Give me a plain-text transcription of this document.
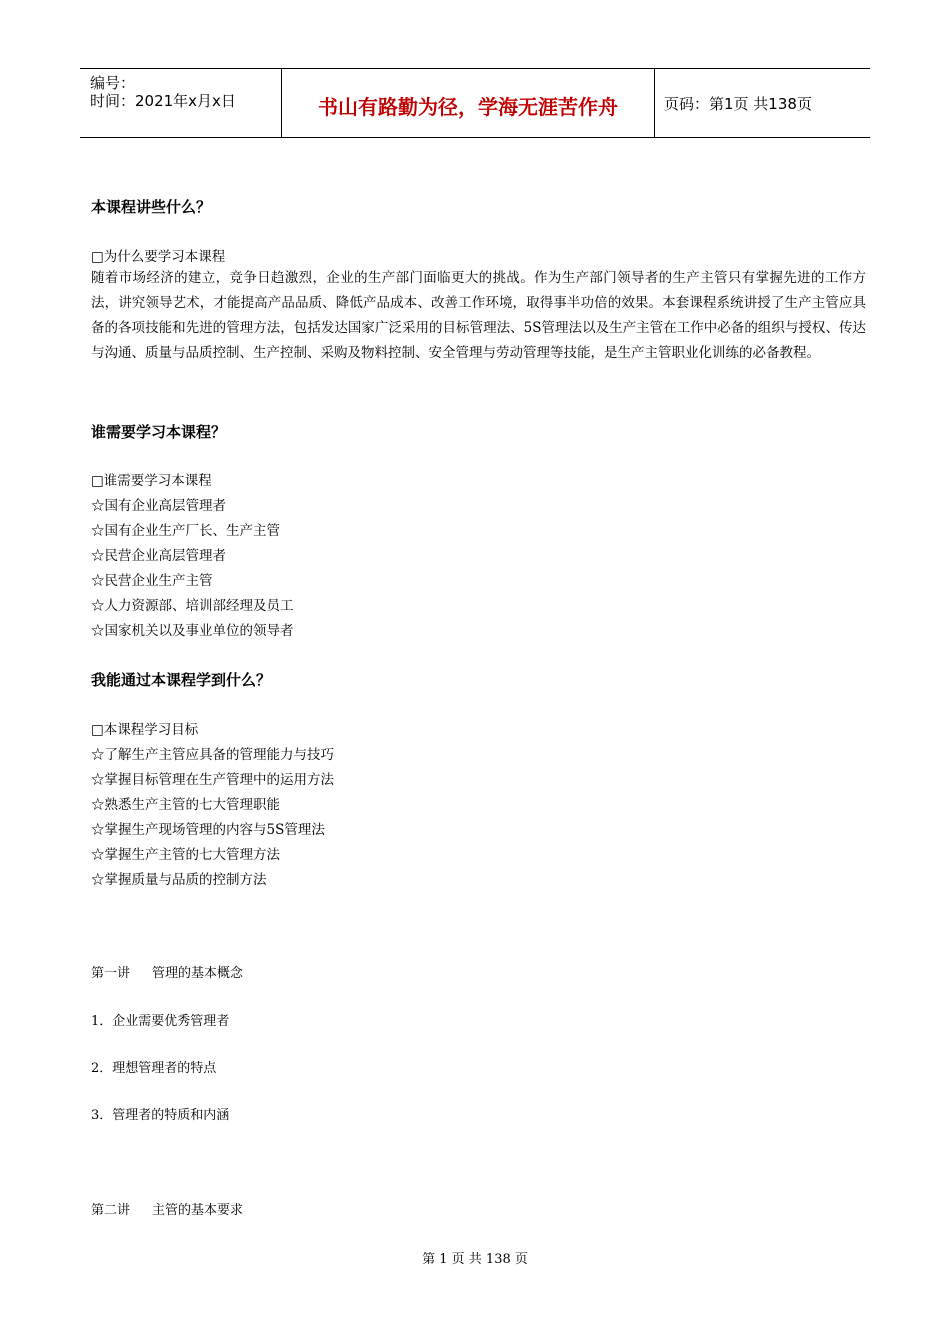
编号：
时间：2021年x月x日	书山有路勤为径，学海无涯苦作舟	页码：第1页 共138页
本课程讲些什么？
□为什么要学习本课程
随着市场经济的建立，竞争日趋激烈，企业的生产部门面临更大的挑战。作为生产部门领导者的生产主管只有掌握先进的工作方法，讲究领导艺术，才能提高产品品质、降低产品成本、改善工作环境，取得事半功倍的效果。本套课程系统讲授了生产主管应具备的各项技能和先进的管理方法，包括发达国家广泛采用的目标管理法、5S管理法以及生产主管在工作中必备的组织与授权、传达与沟通、质量与品质控制、生产控制、采购及物料控制、安全管理与劳动管理等技能，是生产主管职业化训练的必备教程。
谁需要学习本课程？
□谁需要学习本课程
☆国有企业高层管理者
☆国有企业生产厂长、生产主管
☆民营企业高层管理者
☆民营企业生产主管
☆人力资源部、培训部经理及员工
☆国家机关以及事业单位的领导者
我能通过本课程学到什么？
□本课程学习目标
☆了解生产主管应具备的管理能力与技巧
☆掌握目标管理在生产管理中的运用方法
☆熟悉生产主管的七大管理职能
☆掌握生产现场管理的内容与5S管理法
☆掌握生产主管的七大管理方法
☆掌握质量与品质的控制方法
第一讲 管理的基本概念
1．企业需要优秀管理者
2．理想管理者的特点
3．管理者的特质和内涵
第二讲 主管的基本要求
第 1 页 共 138 页
